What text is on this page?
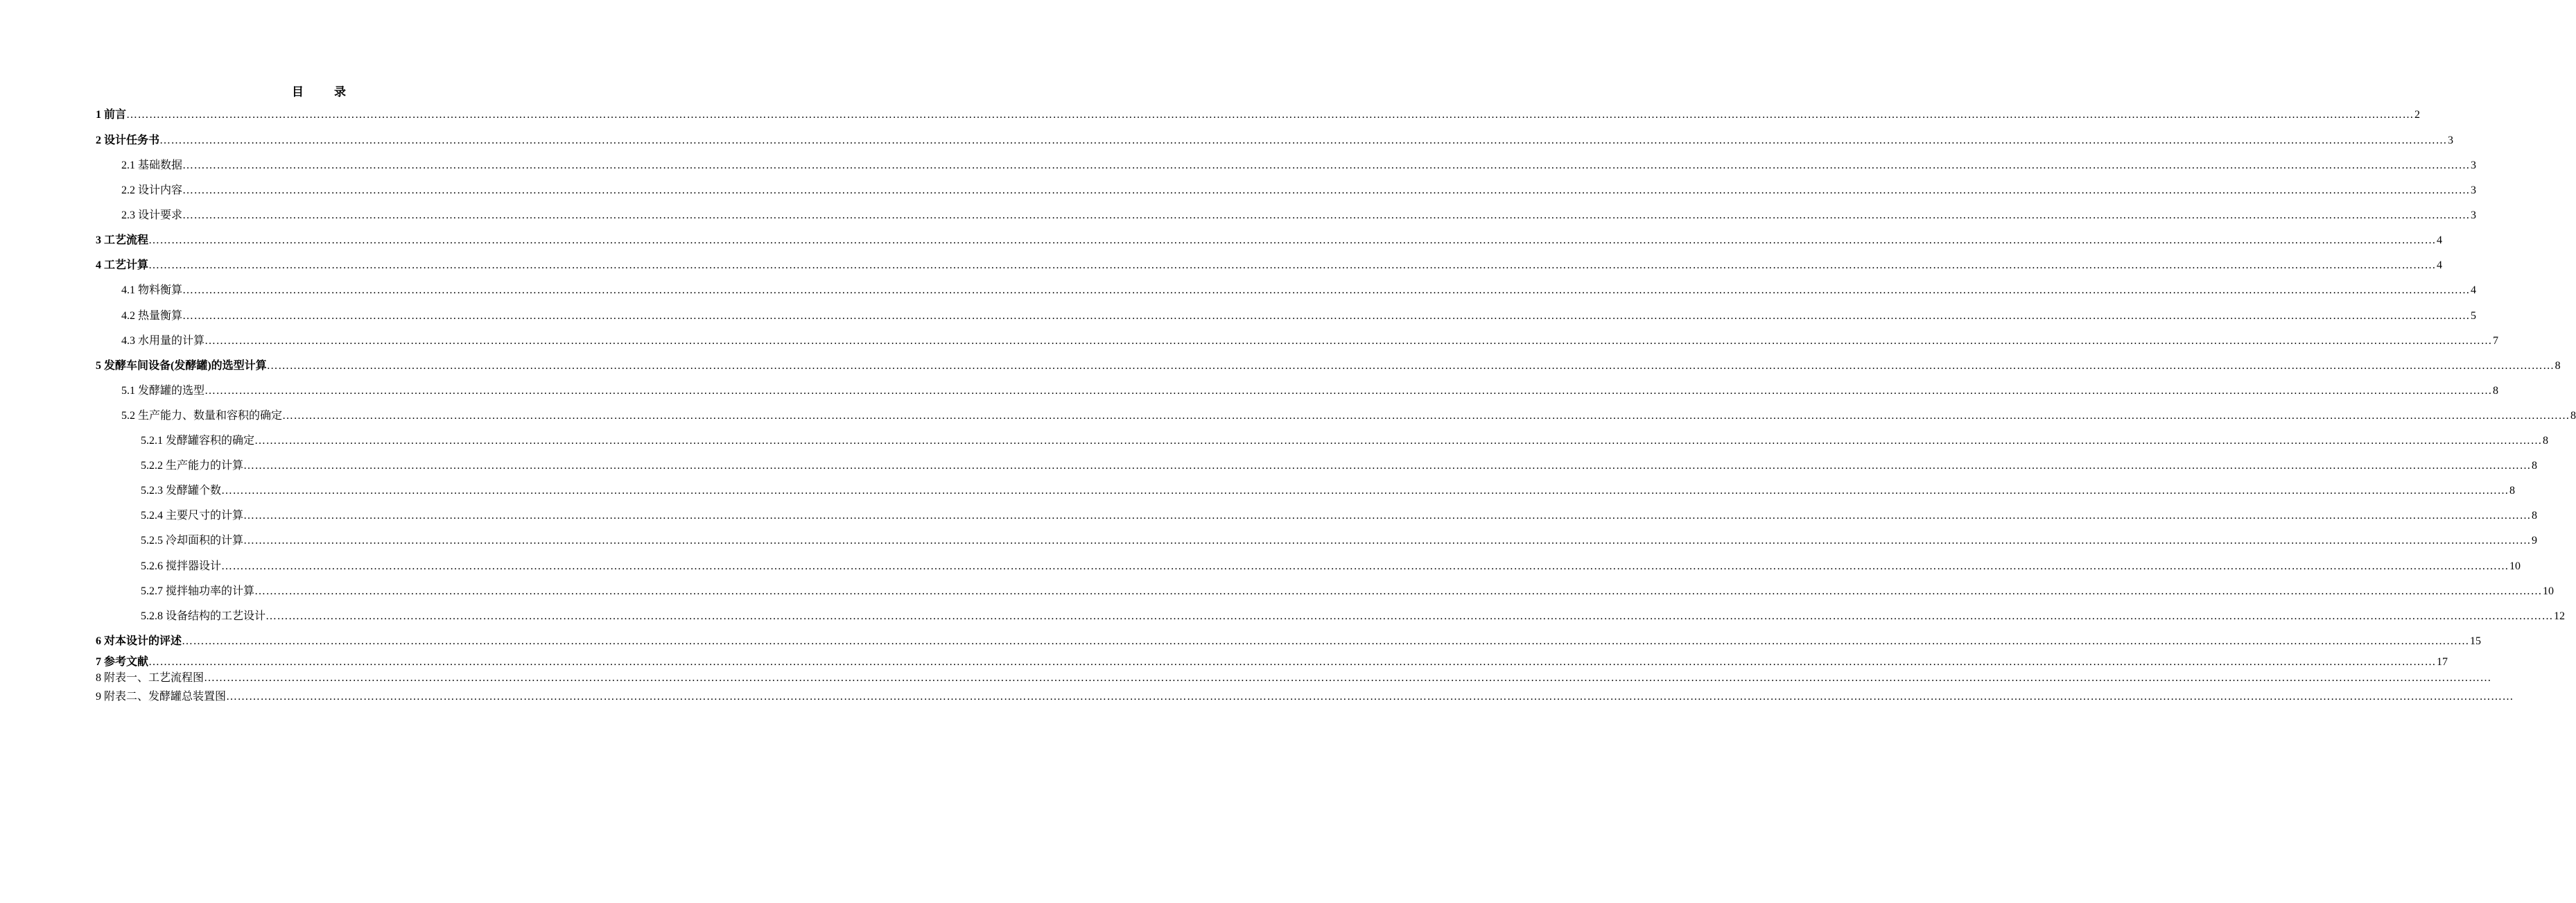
目	录
1 前言 …………………………………………………………………………………………………………………………………………………………………………………………………………………………………………………………………………………………………………………………………………………………………………………………………………………………………………………………………………………………………………………………………………………… 2
2 设计任务书 …………………………………………………………………………………………………………………………………………………………………………………………………………………………………………………………………………………………………………………………………………………………………………………………………………………………………………………………………………………………………………………………………………………… 3
2.1 基础数据 …………………………………………………………………………………………………………………………………………………………………………………………………………………………………………………………………………………………………………………………………………………………………………………………………………………………………………………………………………………………………………………………………………………… 3
2.2 设计内容 …………………………………………………………………………………………………………………………………………………………………………………………………………………………………………………………………………………………………………………………………………………………………………………………………………………………………………………………………………………………………………………………………………………… 3
2.3 设计要求 …………………………………………………………………………………………………………………………………………………………………………………………………………………………………………………………………………………………………………………………………………………………………………………………………………………………………………………………………………………………………………………………………………………… 3
3 工艺流程 …………………………………………………………………………………………………………………………………………………………………………………………………………………………………………………………………………………………………………………………………………………………………………………………………………………………………………………………………………………………………………………………………………………… 4
4 工艺计算 …………………………………………………………………………………………………………………………………………………………………………………………………………………………………………………………………………………………………………………………………………………………………………………………………………………………………………………………………………………………………………………………………………………… 4
4.1 物料衡算 …………………………………………………………………………………………………………………………………………………………………………………………………………………………………………………………………………………………………………………………………………………………………………………………………………………………………………………………………………………………………………………………………………………… 4
4.2 热量衡算 …………………………………………………………………………………………………………………………………………………………………………………………………………………………………………………………………………………………………………………………………………………………………………………………………………………………………………………………………………………………………………………………………………………… 5
4.3 水用量的计算 …………………………………………………………………………………………………………………………………………………………………………………………………………………………………………………………………………………………………………………………………………………………………………………………………………………………………………………………………………………………………………………………………………………… 7
5 发酵车间设备(发酵罐)的选型计算 …………………………………………………………………………………………………………………………………………………………………………………………………………………………………………………………………………………………………………………………………………………………………………………………………………………………………………………………………………………………………………………………………………………… 8
5.1 发酵罐的选型 …………………………………………………………………………………………………………………………………………………………………………………………………………………………………………………………………………………………………………………………………………………………………………………………………………………………………………………………………………………………………………………………………………………… 8
5.2 生产能力、数量和容积的确定 …………………………………………………………………………………………………………………………………………………………………………………………………………………………………………………………………………………………………………………………………………………………………………………………………………………………………………………………………………………………………………………………………………………… 8
5.2.1 发酵罐容积的确定 …………………………………………………………………………………………………………………………………………………………………………………………………………………………………………………………………………………………………………………………………………………………………………………………………………………………………………………………………………………………………………………………………………………… 8
5.2.2 生产能力的计算 …………………………………………………………………………………………………………………………………………………………………………………………………………………………………………………………………………………………………………………………………………………………………………………………………………………………………………………………………………………………………………………………………………………… 8
5.2.3 发酵罐个数 …………………………………………………………………………………………………………………………………………………………………………………………………………………………………………………………………………………………………………………………………………………………………………………………………………………………………………………………………………………………………………………………………………………… 8
5.2.4 主要尺寸的计算 …………………………………………………………………………………………………………………………………………………………………………………………………………………………………………………………………………………………………………………………………………………………………………………………………………………………………………………………………………………………………………………………………………………… 8
5.2.5 冷却面积的计算 …………………………………………………………………………………………………………………………………………………………………………………………………………………………………………………………………………………………………………………………………………………………………………………………………………………………………………………………………………………………………………………………………………………… 9
5.2.6 搅拌器设计 …………………………………………………………………………………………………………………………………………………………………………………………………………………………………………………………………………………………………………………………………………………………………………………………………………………………………………………………………………………………………………………………………………………… 10
5.2.7 搅拌轴功率的计算 …………………………………………………………………………………………………………………………………………………………………………………………………………………………………………………………………………………………………………………………………………………………………………………………………………………………………………………………………………………………………………………………………………………… 10
5.2.8 设备结构的工艺设计 …………………………………………………………………………………………………………………………………………………………………………………………………………………………………………………………………………………………………………………………………………………………………………………………………………………………………………………………………………………………………………………………………………………… 12
6 对本设计的评述 …………………………………………………………………………………………………………………………………………………………………………………………………………………………………………………………………………………………………………………………………………………………………………………………………………………………………………………………………………………………………………………………………………………… 15
7 参考文献 …………………………………………………………………………………………………………………………………………………………………………………………………………………………………………………………………………………………………………………………………………………………………………………………………………………………………………………………………………………………………………………………………………………… 17
8 附表一、工艺流程图 ……………………………………………………………………………………………………………………………………………………………………………………………………………………………………………………………………………………………………………………………………………………………………………………………………………………………………………………………………………………………………………………………………………………
9 附表二、发酵罐总装置图 ……………………………………………………………………………………………………………………………………………………………………………………………………………………………………………………………………………………………………………………………………………………………………………………………………………………………………………………………………………………………………………………………………………………
